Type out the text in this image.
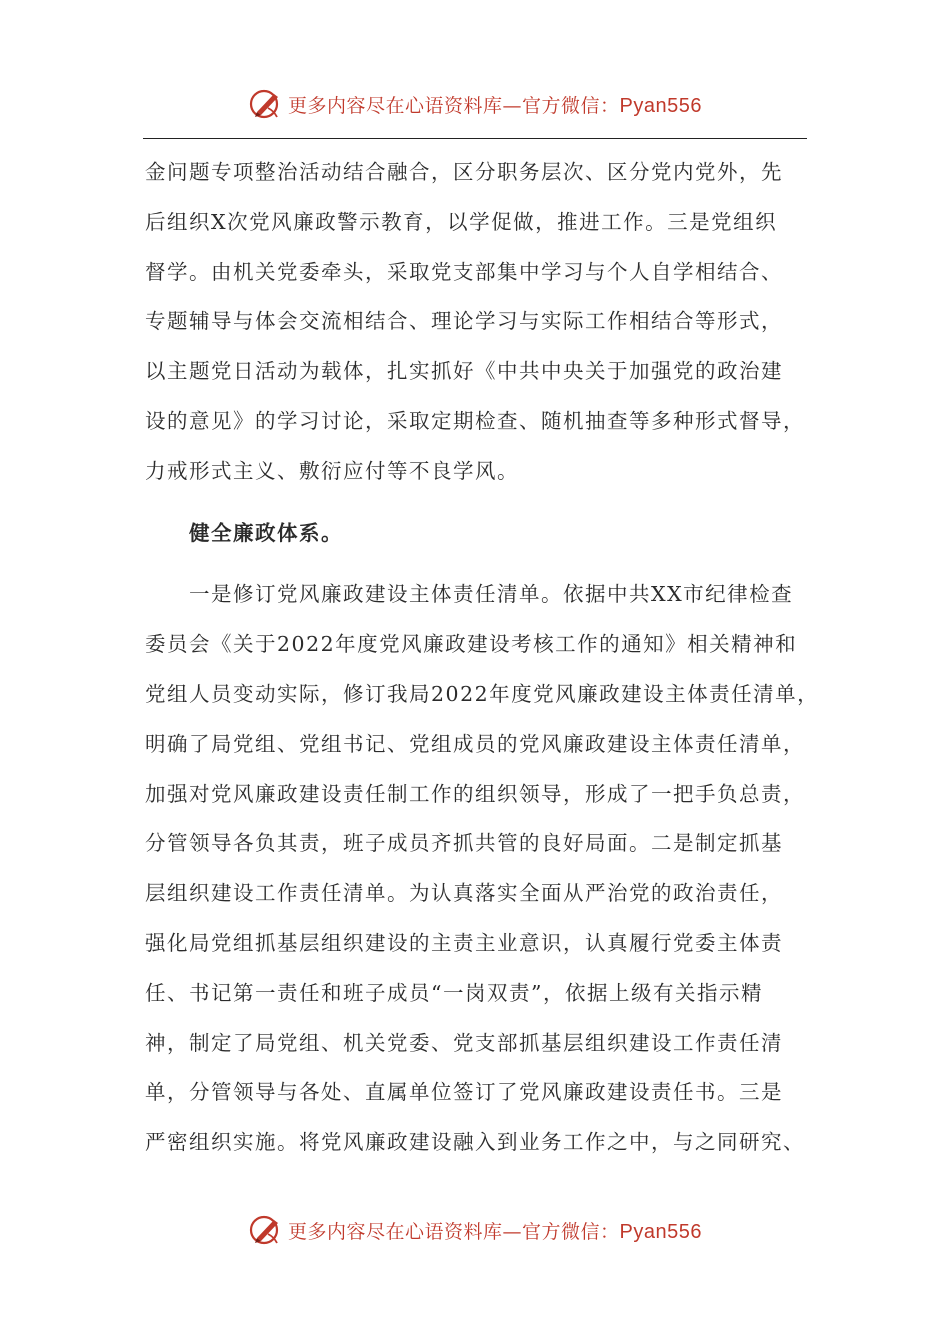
更多内容尽在心语资料库—官方微信：Pyan556
金问题专项整治活动结合融合，区分职务层次、区分党内党外，先
后组织X次党风廉政警示教育，以学促做，推进工作。三是党组织
督学。由机关党委牵头，采取党支部集中学习与个人自学相结合、
专题辅导与体会交流相结合、理论学习与实际工作相结合等形式，
以主题党日活动为载体，扎实抓好《中共中央关于加强党的政治建
设的意见》的学习讨论，采取定期检查、随机抽查等多种形式督导，
力戒形式主义、敷衍应付等不良学风。
健全廉政体系。
一是修订党风廉政建设主体责任清单。依据中共XX市纪律检查
委员会《关于2022年度党风廉政建设考核工作的通知》相关精神和
党组人员变动实际，修订我局2022年度党风廉政建设主体责任清单，
明确了局党组、党组书记、党组成员的党风廉政建设主体责任清单，
加强对党风廉政建设责任制工作的组织领导，形成了一把手负总责，
分管领导各负其责，班子成员齐抓共管的良好局面。二是制定抓基
层组织建设工作责任清单。为认真落实全面从严治党的政治责任，
强化局党组抓基层组织建设的主责主业意识，认真履行党委主体责
任、书记第一责任和班子成员“一岗双责”，依据上级有关指示精
神，制定了局党组、机关党委、党支部抓基层组织建设工作责任清
单，分管领导与各处、直属单位签订了党风廉政建设责任书。三是
严密组织实施。将党风廉政建设融入到业务工作之中，与之同研究、
更多内容尽在心语资料库—官方微信：Pyan556
